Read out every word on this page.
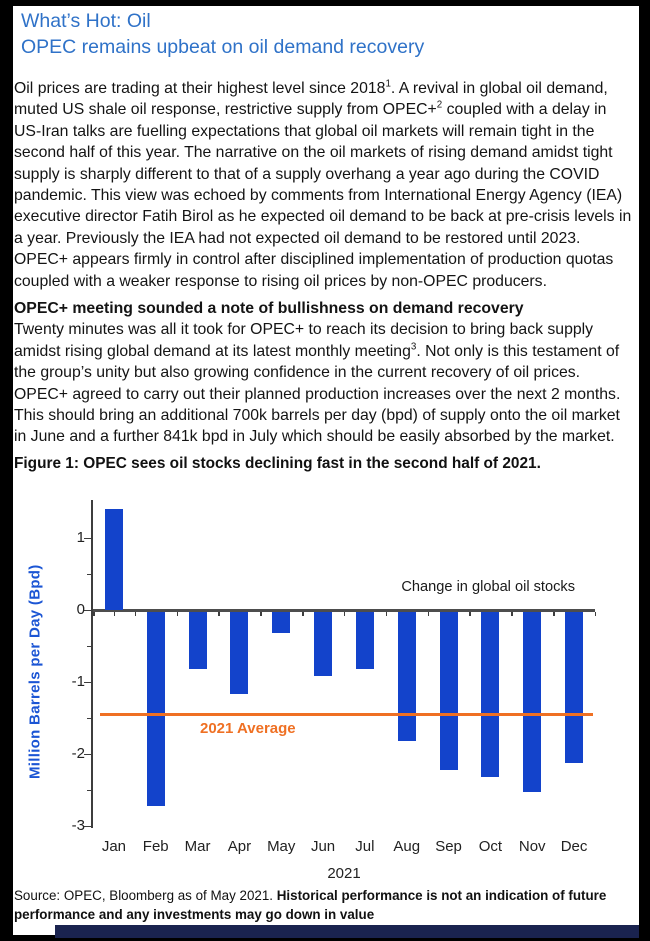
What’s Hot: Oil
OPEC remains upbeat on oil demand recovery
Oil prices are trading at their highest level since 2018$^1$. A revival in global oil demand, muted US shale oil response, restrictive supply from OPEC+$^2$ coupled with a delay in US-Iran talks are fuelling expectations that global oil markets will remain tight in the second half of this year. The narrative on the oil markets of rising demand amidst tight supply is sharply different to that of a supply overhang a year ago during the COVID pandemic. This view was echoed by comments from International Energy Agency (IEA) executive director Fatih Birol as he expected oil demand to be back at pre-crisis levels in a year. Previously the IEA had not expected oil demand to be restored until 2023. OPEC+ appears firmly in control after disciplined implementation of production quotas coupled with a weaker response to rising oil prices by non-OPEC producers.
OPEC+ meeting sounded a note of bullishness on demand recovery
Twenty minutes was all it took for OPEC+ to reach its decision to bring back supply amidst rising global demand at its latest monthly meeting$^3$. Not only is this testament of the group’s unity but also growing confidence in the current recovery of oil prices. OPEC+ agreed to carry out their planned production increases over the next 2 months. This should bring an additional 700k barrels per day (bpd) of supply onto the oil market in June and a further 841k bpd in July which should be easily absorbed by the market.
Figure 1: OPEC sees oil stocks declining fast in the second half of 2021.
1
0
-1
-2
-3
Jan	Feb	Mar	Apr	May	Jun	Jul	Aug	Sep	Oct	Nov	Dec
2021
2021 Average
Change in global oil stocks
Million Barrels per Day (Bpd)
Source: OPEC, Bloomberg as of May 2021. Historical performance is not an indication of future performance and any investments may go down in value
